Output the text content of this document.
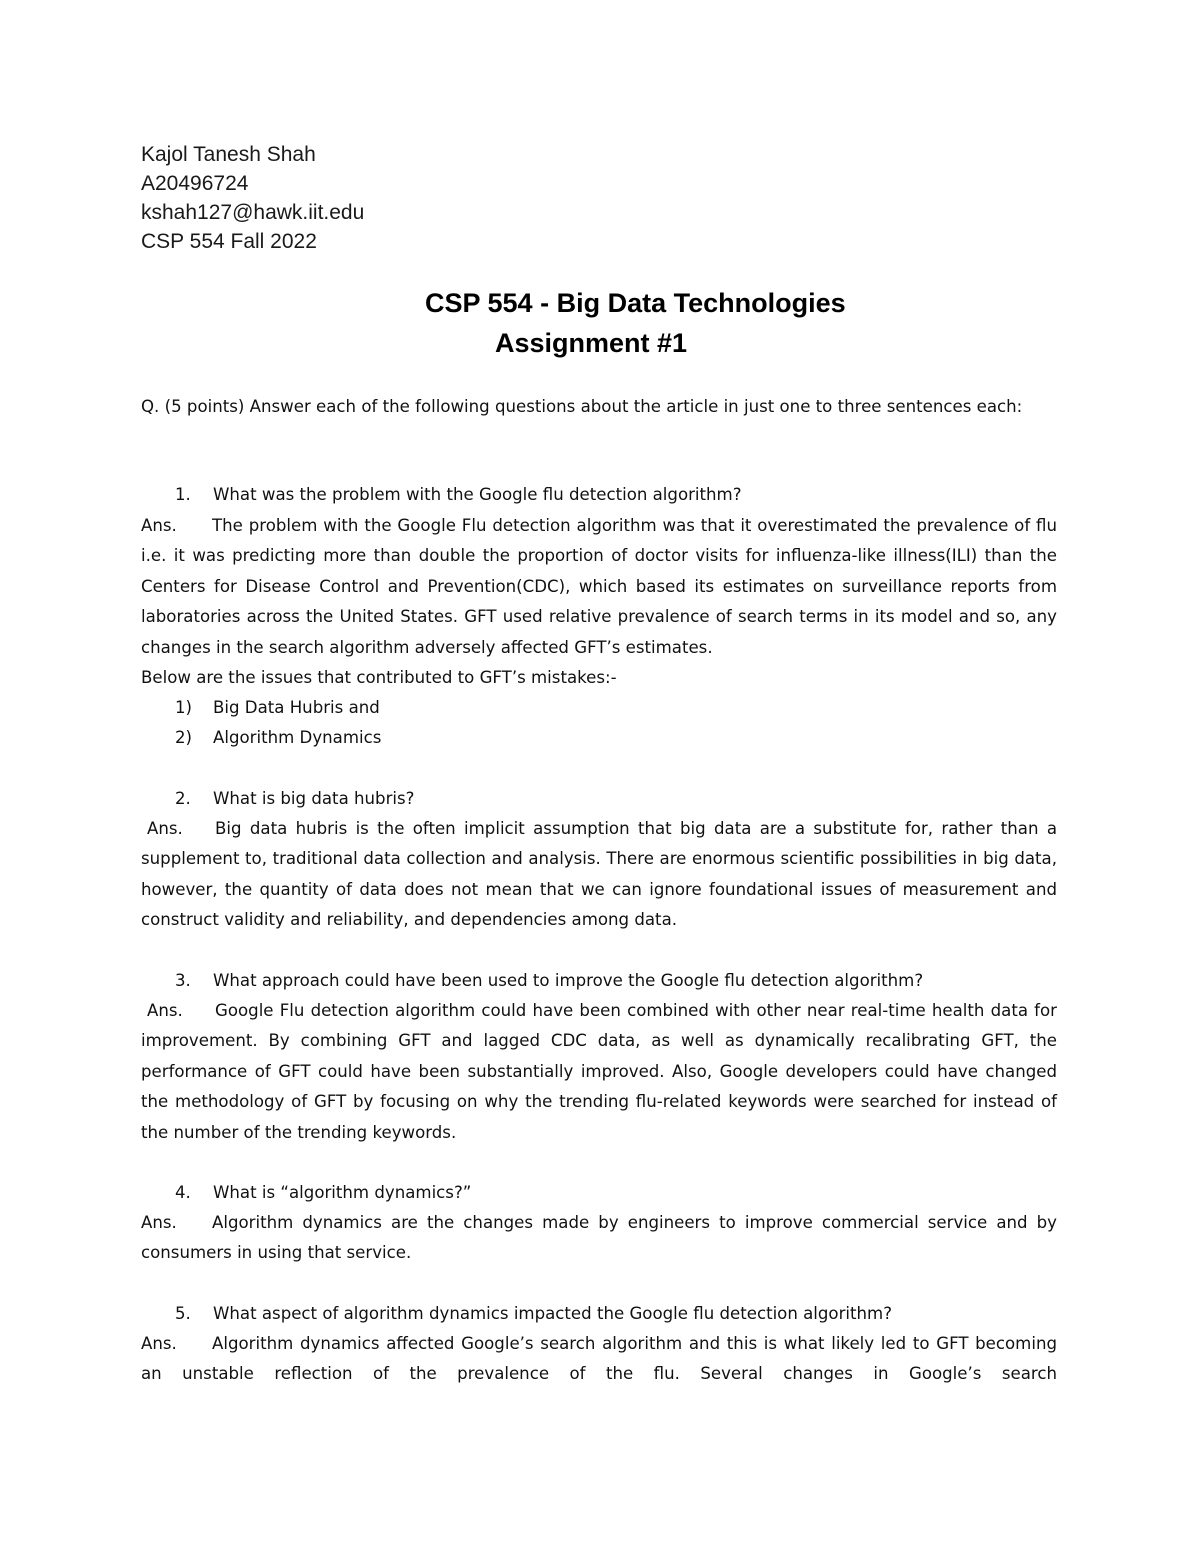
Kajol Tanesh Shah
A20496724
kshah127@hawk.iit.edu
CSP 554 Fall 2022
CSP 554 - Big Data Technologies
Assignment #1

Q. (5 points) Answer each of the following questions about the article in just one to three sentences each:

1. What was the problem with the Google flu detection algorithm?

Ans. The problem with the Google Flu detection algorithm was that it overestimated the prevalence of flu i.e. it was predicting more than double the proportion of doctor visits for influenza-like illness(ILI) than the Centers for Disease Control and Prevention(CDC), which based its estimates on surveillance reports from laboratories across the United States. GFT used relative prevalence of search terms in its model and so, any changes in the search algorithm adversely affected GFT’s estimates.

Below are the issues that contributed to GFT’s mistakes:-
1) Big Data Hubris and
2) Algorithm Dynamics
2. What is big data hubris?

Ans. Big data hubris is the often implicit assumption that big data are a substitute for, rather than a supplement to, traditional data collection and analysis. There are enormous scientific possibilities in big data, however, the quantity of data does not mean that we can ignore foundational issues of measurement and construct validity and reliability, and dependencies among data.

3. What approach could have been used to improve the Google flu detection algorithm?

Ans. Google Flu detection algorithm could have been combined with other near real-time health data for improvement. By combining GFT and lagged CDC data, as well as dynamically recalibrating GFT, the performance of GFT could have been substantially improved. Also, Google developers could have changed the methodology of GFT by focusing on why the trending flu-related keywords were searched for instead of the number of the trending keywords.

4. What is “algorithm dynamics?”

Ans. Algorithm dynamics are the changes made by engineers to improve commercial service and by consumers in using that service.

5. What aspect of algorithm dynamics impacted the Google flu detection algorithm?

Ans. Algorithm dynamics affected Google’s search algorithm and this is what likely led to GFT becoming an unstable reflection of the prevalence of the flu. Several changes in Google’s search
